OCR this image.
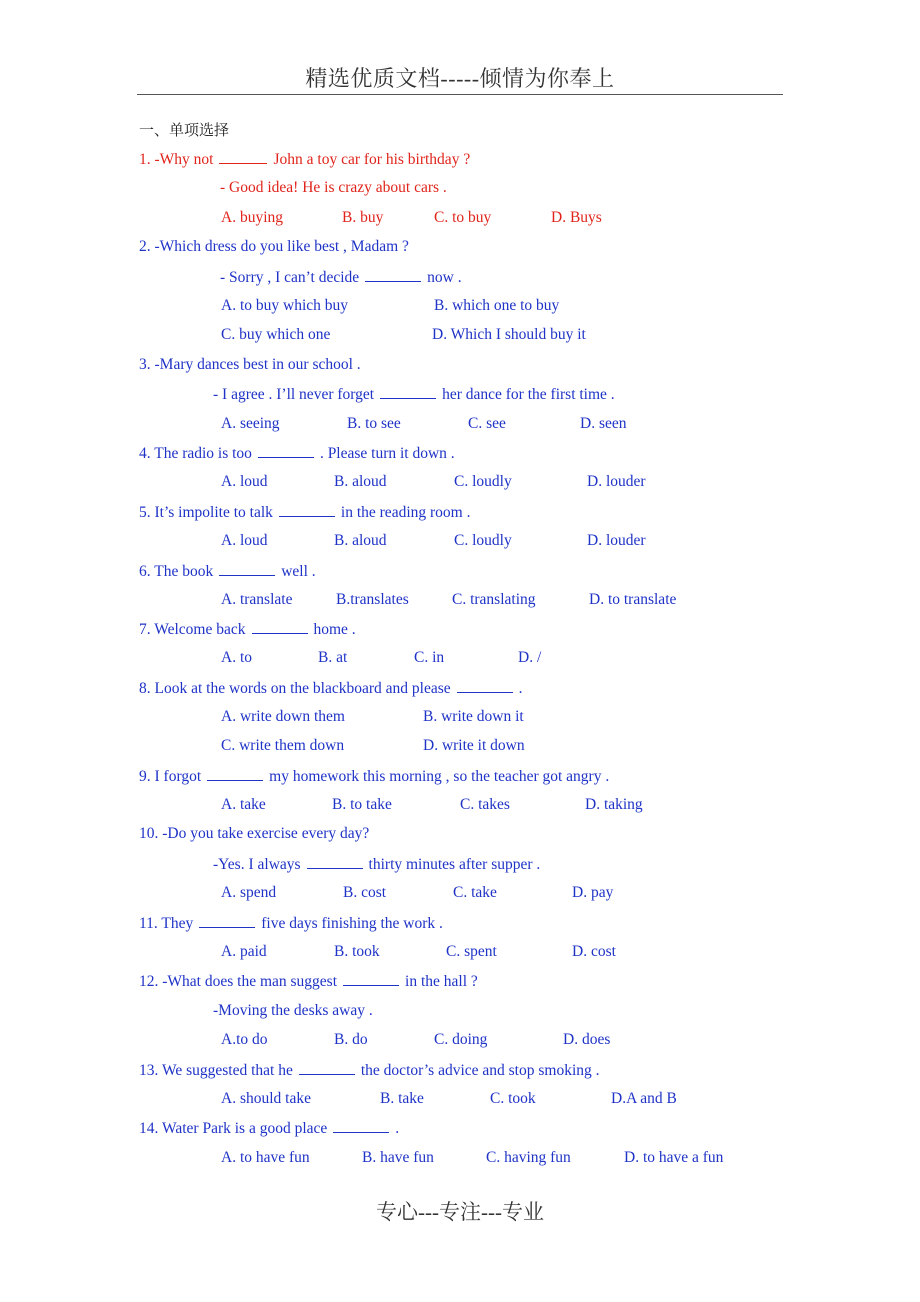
精选优质文档-----倾情为你奉上
一、单项选择
1. -Why not	John a toy car for his birthday ?
- Good idea! He is crazy about cars .
A. buying	B. buy	C. to buy	D. Buys
2. -Which dress do you like best , Madam ?
- Sorry , I can’t decide	now .
A. to buy which buy	B. which one to buy
C. buy which one	D. Which I should buy it
3. -Mary dances best in our school .
- I agree . I’ll never forget	her dance for the first time .
A. seeing	B. to see	C. see	D. seen
4. The radio is too	. Please turn it down .
A. loud	B. aloud	C. loudly	D. louder
5. It’s impolite to talk	in the reading room .
A. loud	B. aloud	C. loudly	D. louder
6. The book	well .
A. translate	B.translates	C. translating	D. to translate
7. Welcome back	home .
A. to	B. at	C. in	D. /
8. Look at the words on the blackboard and please	.
A. write down them	B. write down it
C. write them down	D. write it down
9. I forgot	my homework this morning , so the teacher got angry .
A. take	B. to take	C. takes	D. taking
10. -Do you take exercise every day?
-Yes. I always	thirty minutes after supper .
A. spend	B. cost	C. take	D. pay
11. They	five days finishing the work .
A. paid	B. took	C. spent	D. cost
12. -What does the man suggest	in the hall ?
-Moving the desks away .
A.to do	B. do	C. doing	D. does
13. We suggested that he	the doctor’s advice and stop smoking .
A. should take	B. take	C. took	D.A and B
14. Water Park is a good place	.
A. to have fun	B. have fun	C. having fun	D. to have a fun
专心---专注---专业
